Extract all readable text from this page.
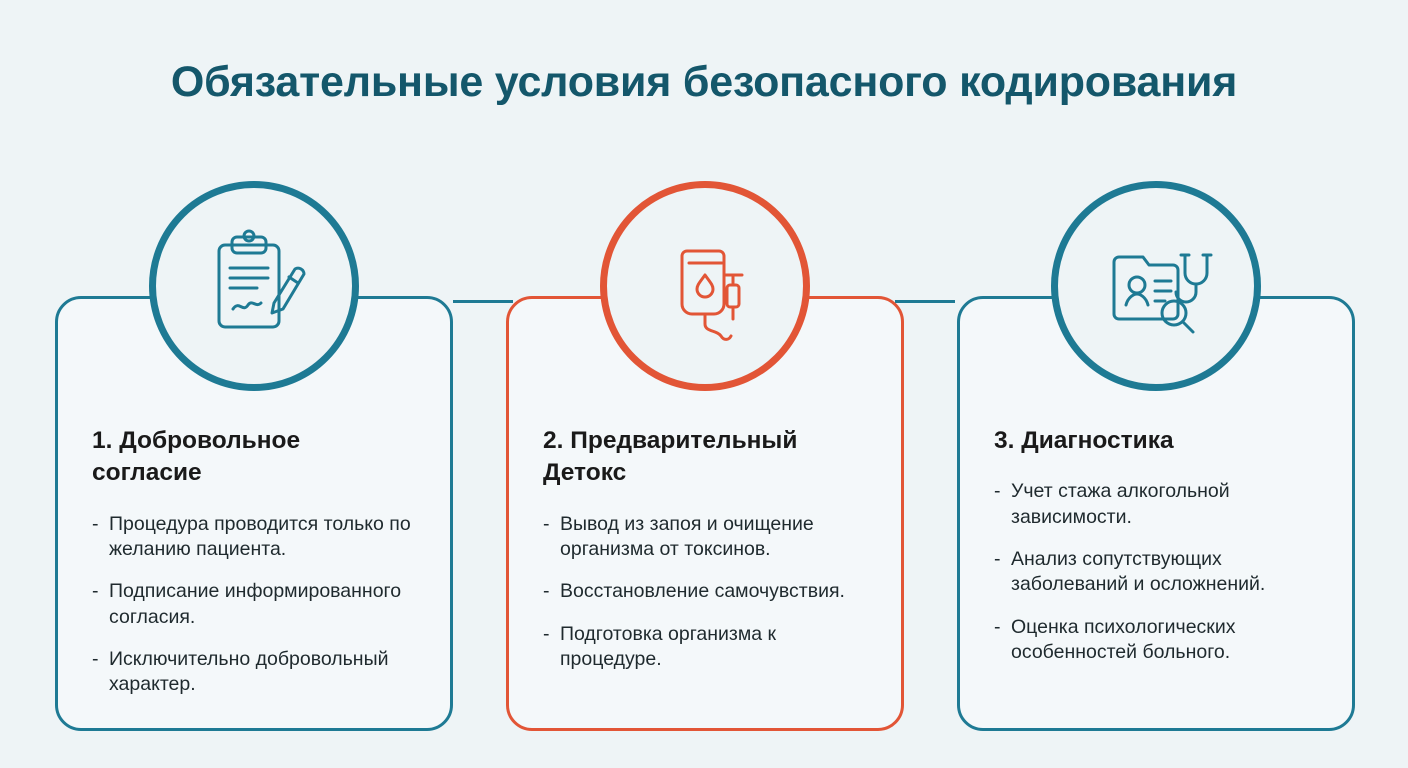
Обязательные условия безопасного кодирования
1. Добровольное согласие
- Процедура проводится только по желанию пациента.
- Подписание информированного согласия.
- Исключительно добровольный характер.
2. Предварительный Детокс
- Вывод из запоя и очищение организма от токсинов.
- Восстановление самочувствия.
- Подготовка организма к процедуре.
3. Диагностика
- Учет стажа алкогольной зависимости.
- Анализ сопутствующих заболеваний и осложнений.
- Оценка психологических особенностей больного.
